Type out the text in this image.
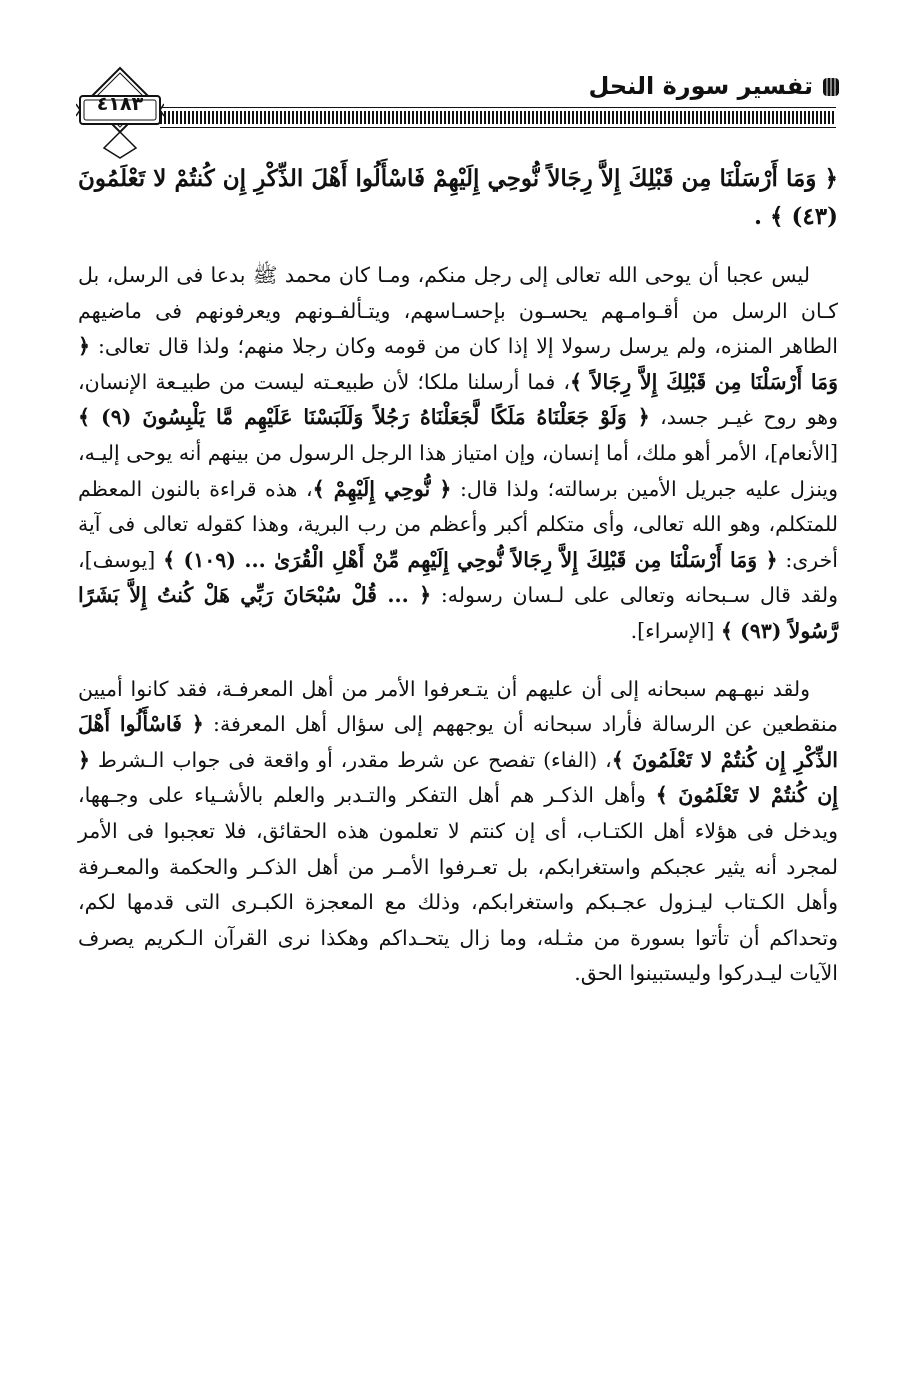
٤١٨٣
تفسير سورة النحل

﴿ وَمَا أَرْسَلْنَا مِن قَبْلِكَ إِلاَّ رِجَالاً نُّوحِي إِلَيْهِمْ فَاسْأَلُوا أَهْلَ الذِّكْرِ إِن كُنتُمْ لا تَعْلَمُونَ (٤٣) ﴾ .

ليس عجبا أن يوحى الله تعالى إلى رجل منكم، ومـا كان محمد ﷺ بدعا فى الرسل، بل كـان الرسل من أقـوامـهم يحسـون بإحسـاسهم، ويتـألفـونهم ويعرفونهم فى ماضيهم الطاهر المنزه، ولم يرسل رسولا إلا إذا كان من قومه وكان رجلا منهم؛ ولذا قال تعالى: ﴿ وَمَا أَرْسَلْنَا مِن قَبْلِكَ إِلاَّ رِجَالاً ﴾، فما أرسلنا ملكا؛ لأن طبيعـته ليست من طبيـعة الإنسان، وهو روح غيـر جسد، ﴿ وَلَوْ جَعَلْنَاهُ مَلَكًا لَّجَعَلْنَاهُ رَجُلاً وَلَلَبَسْنَا عَلَيْهِم مَّا يَلْبِسُونَ (٩) ﴾ [الأنعام]، الأمر أهو ملك، أما إنسان، وإن امتياز هذا الرجل الرسول من بينهم أنه يوحى إليـه، وينزل عليه جبريل الأمين برسالته؛ ولذا قال: ﴿ نُّوحِي إِلَيْهِمْ ﴾، هذه قراءة بالنون المعظم للمتكلم، وهو الله تعالى، وأى متكلم أكبر وأعظم من رب البرية، وهذا كقوله تعالى فى آية أخرى: ﴿ وَمَا أَرْسَلْنَا مِن قَبْلِكَ إِلاَّ رِجَالاً نُّوحِي إِلَيْهِم مِّنْ أَهْلِ الْقُرَىٰ ... (١٠٩) ﴾ [يوسف]، ولقد قال سـبحانه وتعالى على لـسان رسوله: ﴿ ... قُلْ سُبْحَانَ رَبِّي هَلْ كُنتُ إِلاَّ بَشَرًا رَّسُولاً (٩٣) ﴾ [الإسراء].

ولقد نبهـهم سبحانه إلى أن عليهم أن يتـعرفوا الأمر من أهل المعرفـة، فقد كانوا أميين منقطعين عن الرسالة فأراد سبحانه أن يوجههم إلى سؤال أهل المعرفة: ﴿ فَاسْأَلُوا أَهْلَ الذِّكْرِ إِن كُنتُمْ لا تَعْلَمُونَ ﴾، (الفاء) تفصح عن شرط مقدر، أو واقعة فى جواب الـشرط ﴿ إِن كُنتُمْ لا تَعْلَمُونَ ﴾ وأهل الذكـر هم أهل التفكر والتـدبر والعلم بالأشـياء على وجـهها، ويدخل فى هؤلاء أهل الكتـاب، أى إن كنتم لا تعلمون هذه الحقائق، فلا تعجبوا فى الأمر لمجرد أنه يثير عجبكم واستغرابكم، بل تعـرفوا الأمـر من أهل الذكـر والحكمة والمعـرفة وأهل الكـتاب ليـزول عجـبكم واستغرابكم، وذلك مع المعجزة الكبـرى التى قدمها لكم، وتحداكم أن تأتوا بسورة من مثـله، وما زال يتحـداكم وهكذا نرى القرآن الـكريم يصرف الآيات ليـدركوا وليستبينوا الحق.
